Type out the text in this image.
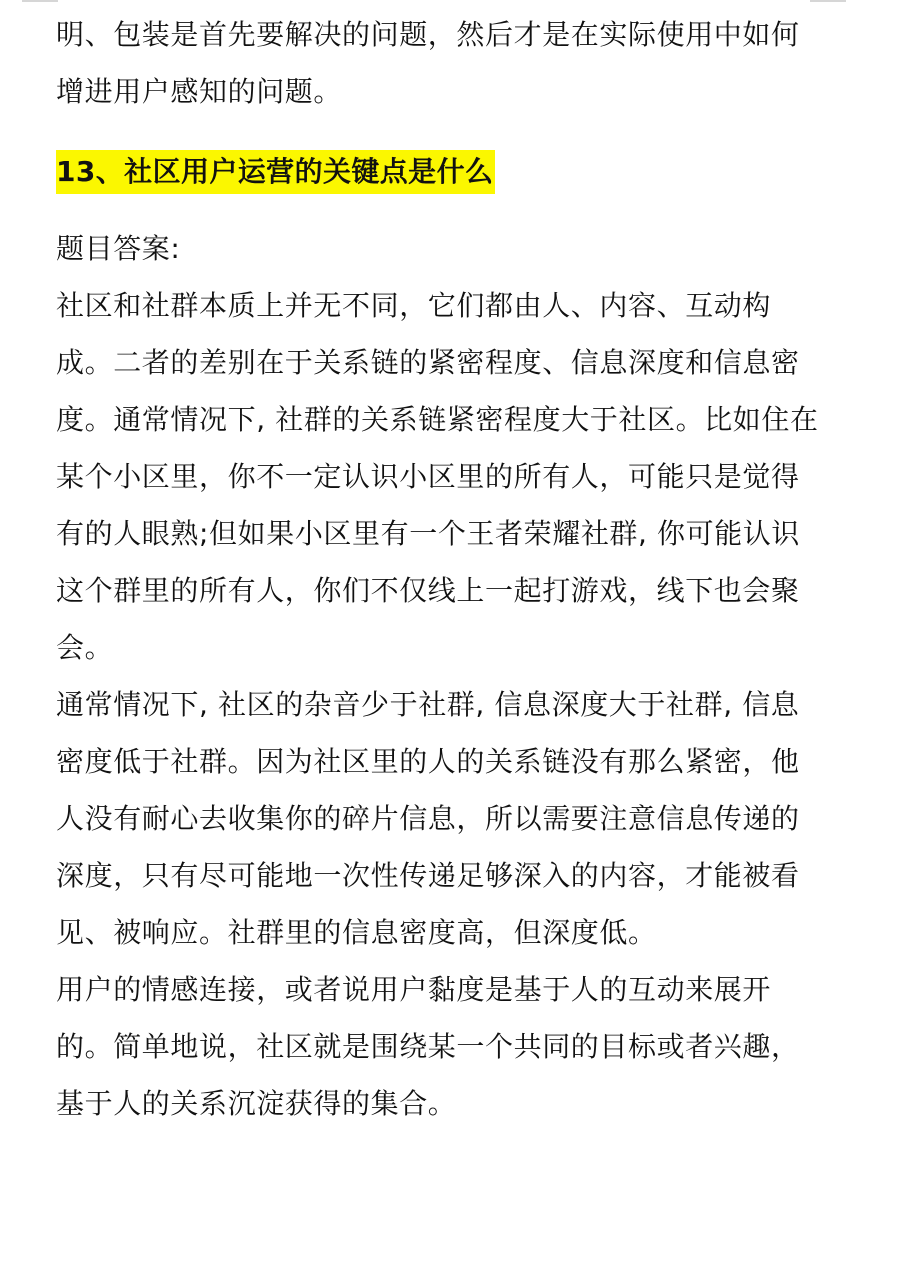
明、包装是首先要解决的问题，然后才是在实际使用中如何
增进用户感知的问题。

13、社区用户运营的关键点是什么

题目答案:

社区和社群本质上并无不同，它们都由人、内容、互动构
成。二者的差别在于关系链的紧密程度、信息深度和信息密
度。通常情况下, 社群的关系链紧密程度大于社区。比如住在
某个小区里，你不一定认识小区里的所有人，可能只是觉得
有的人眼熟;但如果小区里有一个王者荣耀社群, 你可能认识
这个群里的所有人，你们不仅线上一起打游戏，线下也会聚
会。

通常情况下, 社区的杂音少于社群, 信息深度大于社群, 信息
密度低于社群。因为社区里的人的关系链没有那么紧密，他
人没有耐心去收集你的碎片信息，所以需要注意信息传递的
深度，只有尽可能地一次性传递足够深入的内容，才能被看
见、被响应。社群里的信息密度高，但深度低。

用户的情感连接，或者说用户黏度是基于人的互动来展开
的。简单地说，社区就是围绕某一个共同的目标或者兴趣，
基于人的关系沉淀获得的集合。
